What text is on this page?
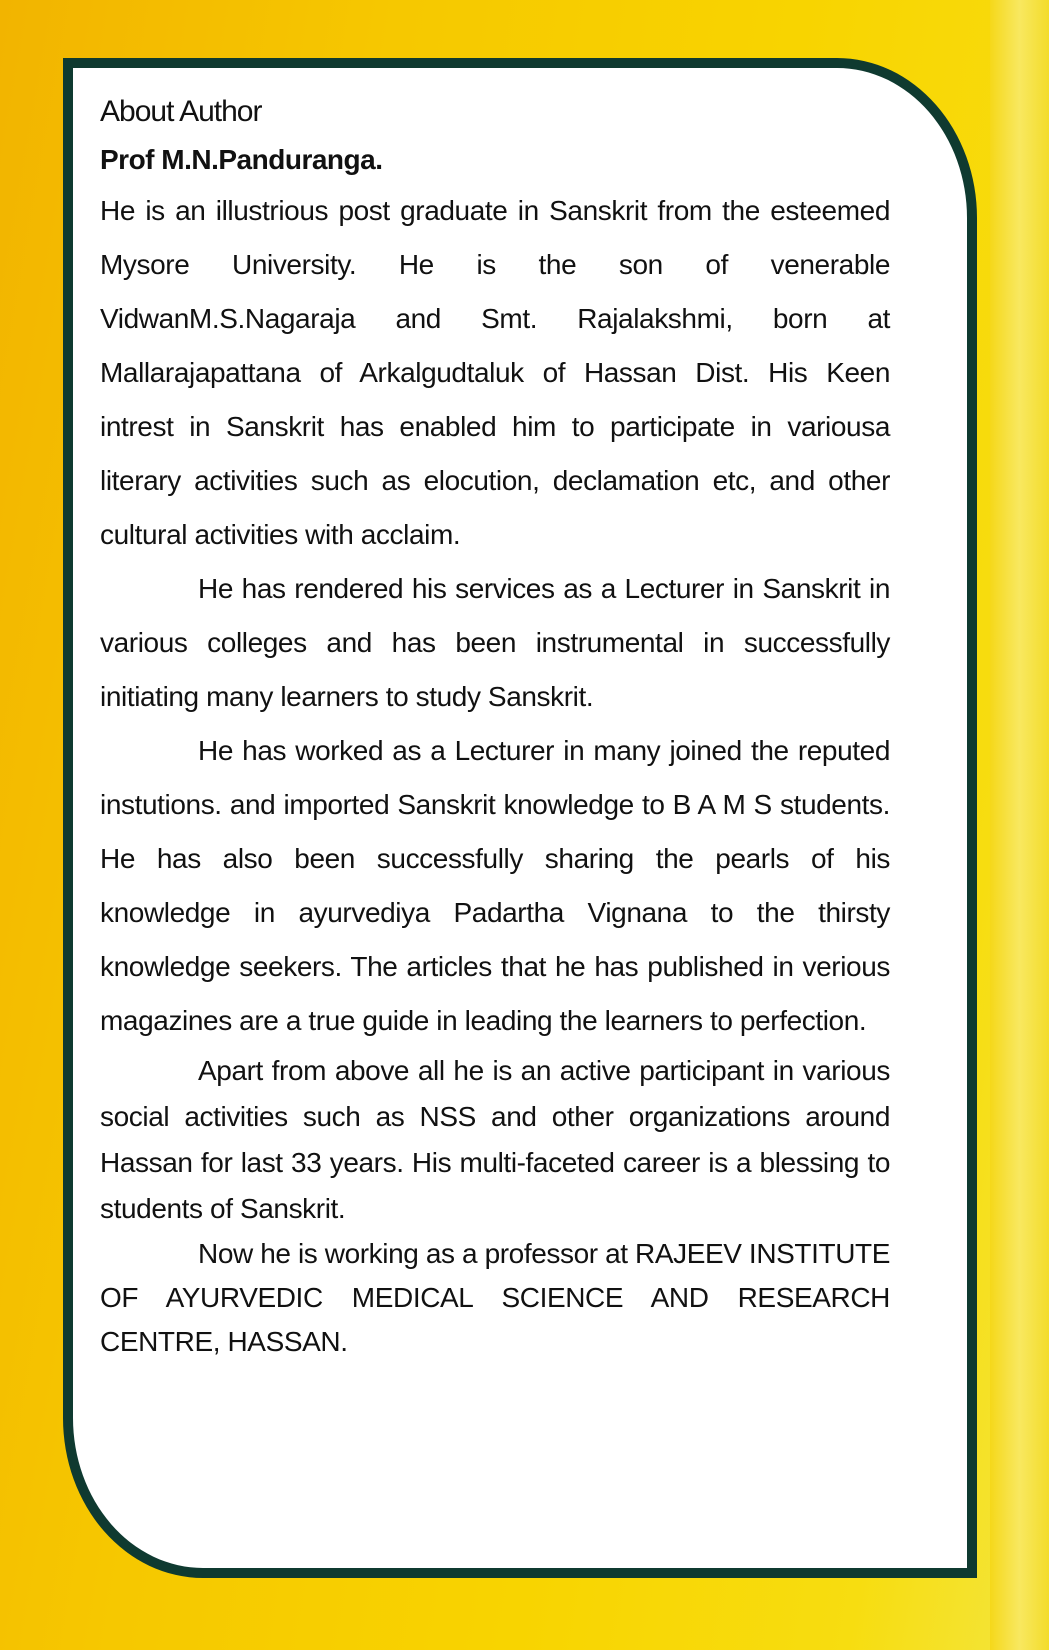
About Author
Prof M.N.Panduranga.

He is an illustrious post graduate in Sanskrit from the esteemed Mysore University. He is the son of venerable VidwanM.S.Nagaraja and Smt. Rajalakshmi, born at Mallarajapattana of Arkalgudtaluk of Hassan Dist. His Keen intrest in Sanskrit has enabled him to participate in variousa literary activities such as elocution, declamation etc, and other cultural activities with acclaim.

He has rendered his services as a Lecturer in Sanskrit in various colleges and has been instrumental in successfully initiating many learners to study Sanskrit.

He has worked as a Lecturer in many joined the reputed instutions. and imported Sanskrit knowledge to B A M S students. He has also been successfully sharing the pearls of his knowledge in ayurvediya Padartha Vignana to the thirsty knowledge seekers. The articles that he has published in verious magazines are a true guide in leading the learners to perfection.

Apart from above all he is an active participant in various social activities such as NSS and other organizations around Hassan for last 33 years. His multi-faceted career is a blessing to students of Sanskrit.

Now he is working as a professor at RAJEEV INSTITUTE OF AYURVEDIC MEDICAL SCIENCE AND RESEARCH CENTRE, HASSAN.
